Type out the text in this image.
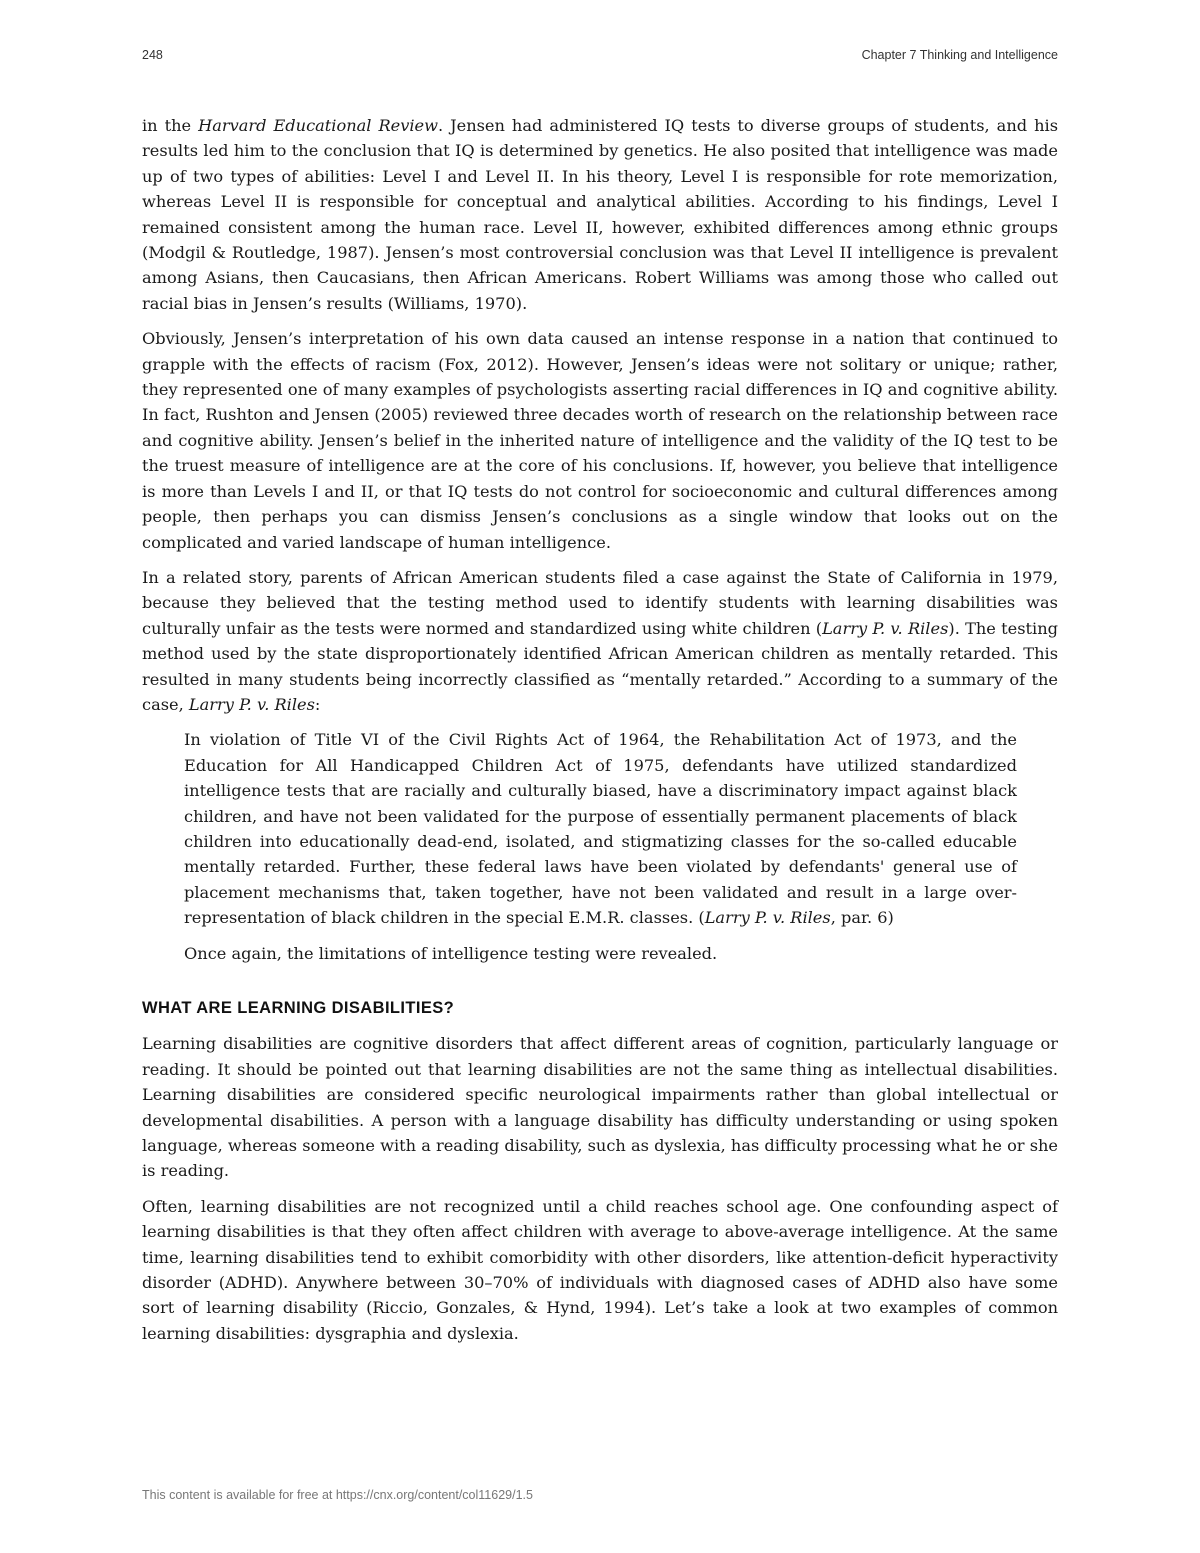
248	Chapter 7 Thinking and Intelligence

in the Harvard Educational Review. Jensen had administered IQ tests to diverse groups of students, and his results led him to the conclusion that IQ is determined by genetics. He also posited that intelligence was made up of two types of abilities: Level I and Level II. In his theory, Level I is responsible for rote memorization, whereas Level II is responsible for conceptual and analytical abilities. According to his findings, Level I remained consistent among the human race. Level II, however, exhibited differences among ethnic groups (Modgil & Routledge, 1987). Jensen’s most controversial conclusion was that Level II intelligence is prevalent among Asians, then Caucasians, then African Americans. Robert Williams was among those who called out racial bias in Jensen’s results (Williams, 1970).

Obviously, Jensen’s interpretation of his own data caused an intense response in a nation that continued to grapple with the effects of racism (Fox, 2012). However, Jensen’s ideas were not solitary or unique; rather, they represented one of many examples of psychologists asserting racial differences in IQ and cognitive ability. In fact, Rushton and Jensen (2005) reviewed three decades worth of research on the relationship between race and cognitive ability. Jensen’s belief in the inherited nature of intelligence and the validity of the IQ test to be the truest measure of intelligence are at the core of his conclusions. If, however, you believe that intelligence is more than Levels I and II, or that IQ tests do not control for socioeconomic and cultural differences among people, then perhaps you can dismiss Jensen’s conclusions as a single window that looks out on the complicated and varied landscape of human intelligence.

In a related story, parents of African American students filed a case against the State of California in 1979, because they believed that the testing method used to identify students with learning disabilities was culturally unfair as the tests were normed and standardized using white children (Larry P. v. Riles). The testing method used by the state disproportionately identified African American children as mentally retarded. This resulted in many students being incorrectly classified as “mentally retarded.” According to a summary of the case, Larry P. v. Riles:

In violation of Title VI of the Civil Rights Act of 1964, the Rehabilitation Act of 1973, and the Education for All Handicapped Children Act of 1975, defendants have utilized standardized intelligence tests that are racially and culturally biased, have a discriminatory impact against black children, and have not been validated for the purpose of essentially permanent placements of black children into educationally dead-end, isolated, and stigmatizing classes for the so-called educable mentally retarded. Further, these federal laws have been violated by defendants' general use of placement mechanisms that, taken together, have not been validated and result in a large over-representation of black children in the special E.M.R. classes. (Larry P. v. Riles, par. 6)

Once again, the limitations of intelligence testing were revealed.

WHAT ARE LEARNING DISABILITIES?

Learning disabilities are cognitive disorders that affect different areas of cognition, particularly language or reading. It should be pointed out that learning disabilities are not the same thing as intellectual disabilities. Learning disabilities are considered specific neurological impairments rather than global intellectual or developmental disabilities. A person with a language disability has difficulty understanding or using spoken language, whereas someone with a reading disability, such as dyslexia, has difficulty processing what he or she is reading.

Often, learning disabilities are not recognized until a child reaches school age. One confounding aspect of learning disabilities is that they often affect children with average to above-average intelligence. At the same time, learning disabilities tend to exhibit comorbidity with other disorders, like attention-deficit hyperactivity disorder (ADHD). Anywhere between 30–70% of individuals with diagnosed cases of ADHD also have some sort of learning disability (Riccio, Gonzales, & Hynd, 1994). Let’s take a look at two examples of common learning disabilities: dysgraphia and dyslexia.

This content is available for free at https://cnx.org/content/col11629/1.5
